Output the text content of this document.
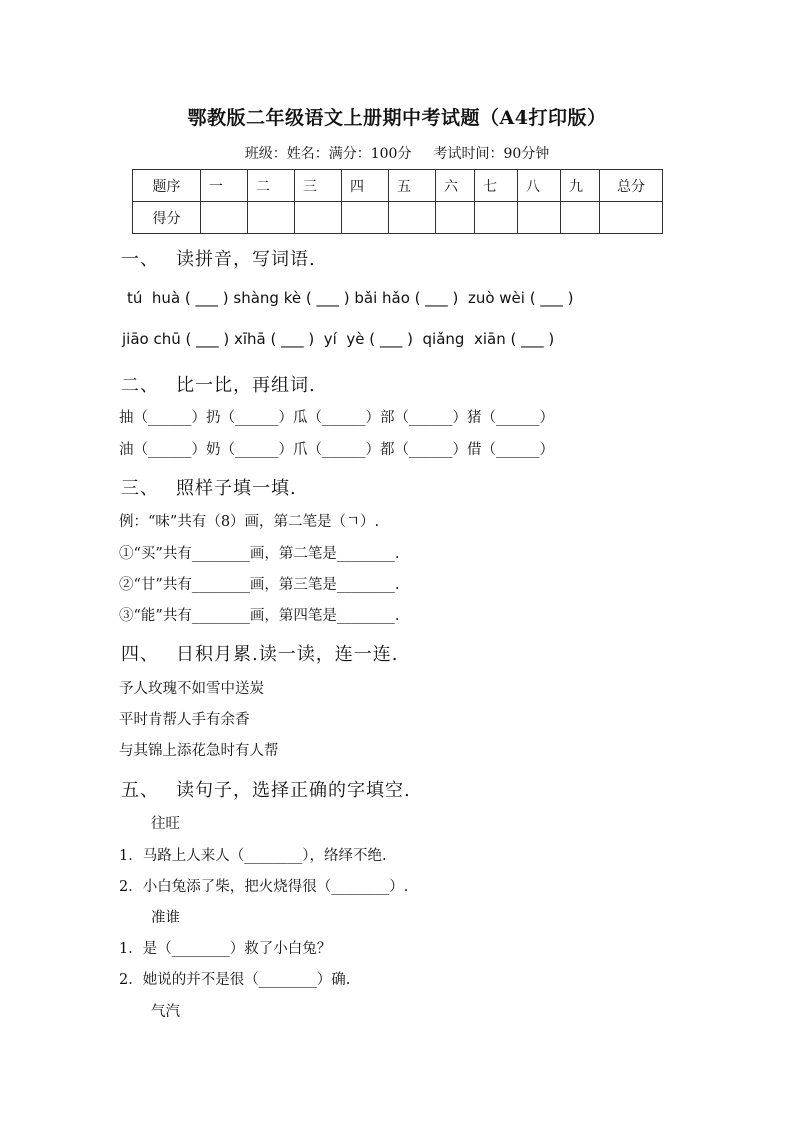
鄂教版二年级语文上册期中考试题（A4打印版）
班级：姓名：满分：100分 考试时间：90分钟
题序	一	二	三	四	五	六	七	八	九	总分
得分										
一、 读拼音，写词语.
tú  huà ( ___ ) shàng kè ( ___ ) bǎi hǎo ( ___ )  zuò wèi ( ___ )
jiāo chū ( ___ ) xīhā ( ___ )  yí  yè ( ___ )  qiǎng  xiān ( ___ )
二、 比一比，再组词.
抽（______）扔（______）瓜（______）部（______）猪（______）
油（______）奶（______）爪（______）都（______）借（______）
三、 照样子填一填.
例：“味”共有（8）画，第二笔是（ㄱ）.
①“买”共有________画，第二笔是________.
②“甘”共有________画，第三笔是________.
③“能”共有________画，第四笔是________.
四、 日积月累.读一读，连一连.
予人玫瑰不如雪中送炭
平时肯帮人手有余香
与其锦上添花急时有人帮
五、 读句子，选择正确的字填空.
往旺
1．马路上人来人（________），络绎不绝.
2．小白兔添了柴，把火烧得很（________）.
准谁
1．是（________）救了小白兔？
2．她说的并不是很（________）确.
气汽
